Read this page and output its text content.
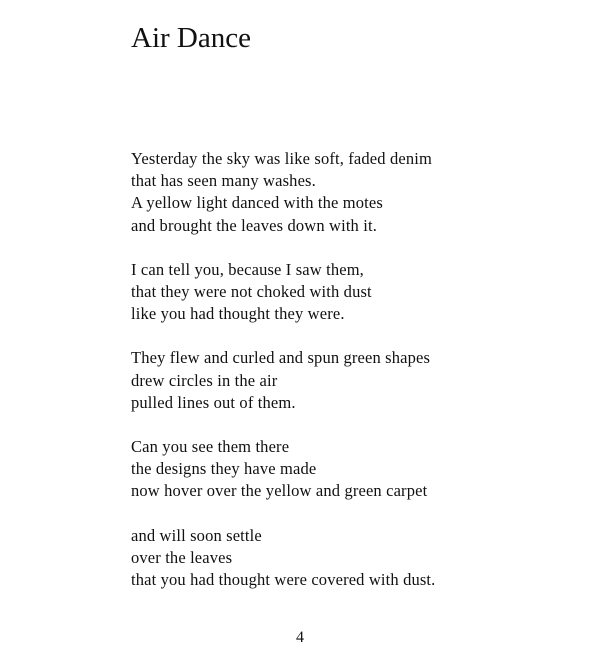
Air Dance
Yesterday the sky was like soft, faded denim
that has seen many washes.
A yellow light danced with the motes
and brought the leaves down with it.
I can tell you, because I saw them,
that they were not choked with dust
like you had thought they were.
They flew and curled and spun green shapes
drew circles in the air
pulled lines out of them.
Can you see them there
the designs they have made
now hover over the yellow and green carpet
and will soon settle
over the leaves
that you had thought were covered with dust.
4
